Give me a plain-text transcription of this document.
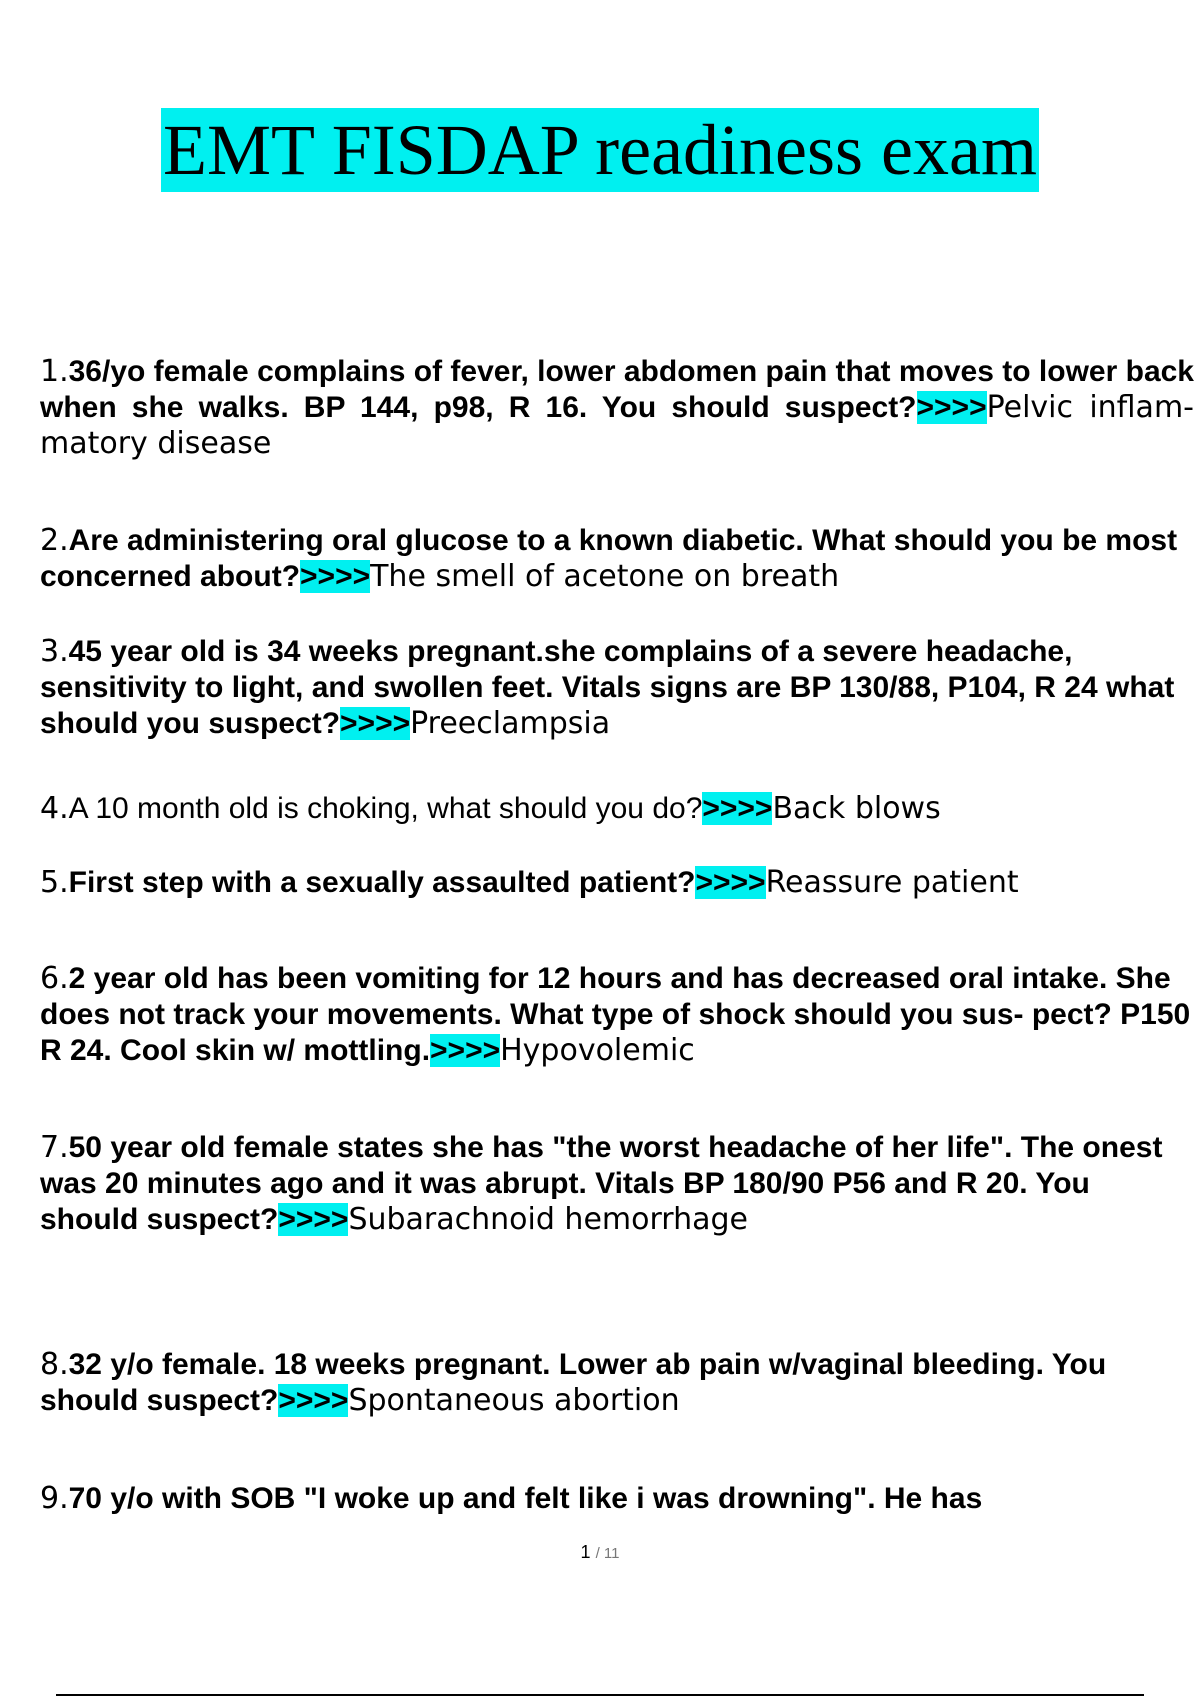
EMT FISDAP readiness exam
1.36/yo female complains of fever, lower abdomen pain that moves to lower back when she walks. BP 144, p98, R 16. You should suspect?>>>>Pelvic inflam- matory disease
2.Are administering oral glucose to a known diabetic. What should you be most concerned about?>>>>The smell of acetone on breath
3.45 year old is 34 weeks pregnant.she complains of a severe headache, sensitivity to light, and swollen feet. Vitals signs are BP 130/88, P104, R 24 what should you suspect?>>>>Preeclampsia
4.A 10 month old is choking, what should you do?>>>>Back blows
5.First step with a sexually assaulted patient?>>>>Reassure patient
6.2 year old has been vomiting for 12 hours and has decreased oral intake. She does not track your movements. What type of shock should you sus- pect? P150 R 24. Cool skin w/ mottling.>>>>Hypovolemic
7.50 year old female states she has "the worst headache of her life". The onest was 20 minutes ago and it was abrupt. Vitals BP 180/90 P56 and R 20. You should suspect?>>>>Subarachnoid hemorrhage
8.32 y/o female. 18 weeks pregnant. Lower ab pain w/vaginal bleeding. You should suspect?>>>>Spontaneous abortion
9.70 y/o with SOB "I woke up and felt like i was drowning". He has
1 / 11
